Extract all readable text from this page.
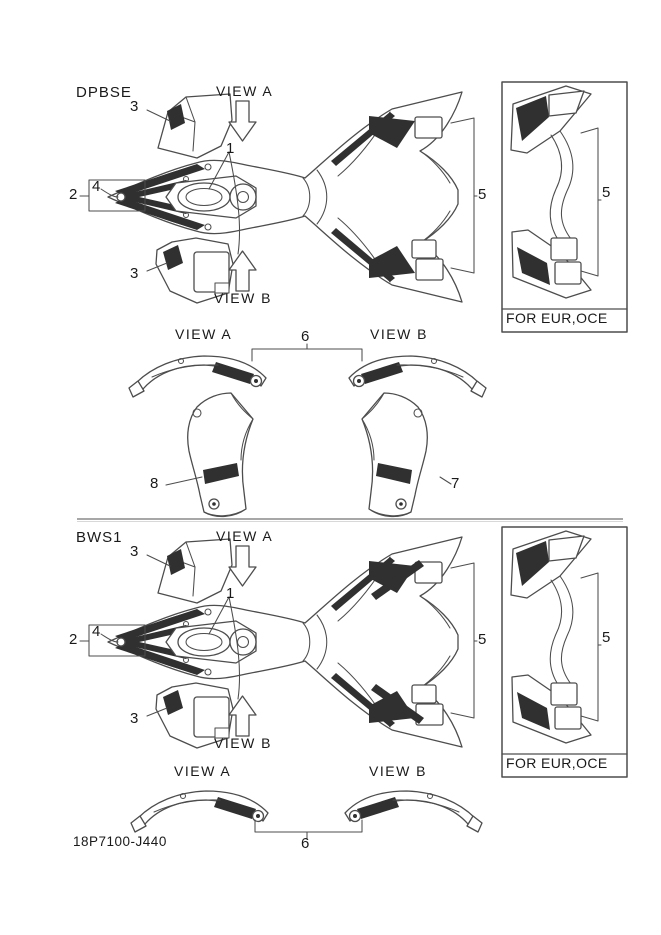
DPBSE	VIEW A
3
1
2 4
3
VIEW B
5	5
FOR EUR,OCE
VIEW A	6	VIEW B
8	7
BWS1	VIEW A
3
1
2 4
3
VIEW B
5	5
FOR EUR,OCE
VIEW A	VIEW B
6
18P7100-J440
